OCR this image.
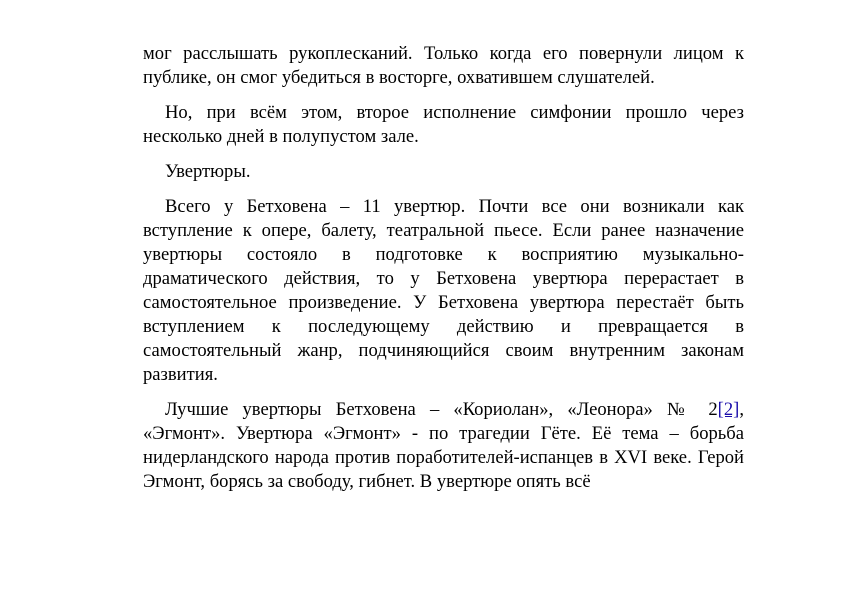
мог расслышать рукоплесканий. Только когда его повернули лицом к публике, он смог убедиться в восторге, охватившем слушателей.

Но, при всём этом, второе исполнение симфонии прошло через несколько дней в полупустом зале.

Увертюры.

Всего у Бетховена – 11 увертюр. Почти все они возникали как вступление к опере, балету, театральной пьесе. Если ранее назначение увертюры состояло в подготовке к восприятию музыкально-драматического действия, то у Бетховена увертюра перерастает в самостоятельное произведение. У Бетховена увертюра перестаёт быть вступлением к последующему действию и превращается в самостоятельный жанр, подчиняющийся своим внутренним законам развития.

Лучшие увертюры Бетховена – «Кориолан», «Леонора» № 2[2], «Эгмонт». Увертюра «Эгмонт» - по трагедии Гёте. Её тема – борьба нидерландского народа против поработителей-испанцев в XVI веке. Герой Эгмонт, борясь за свободу, гибнет. В увертюре опять всё
